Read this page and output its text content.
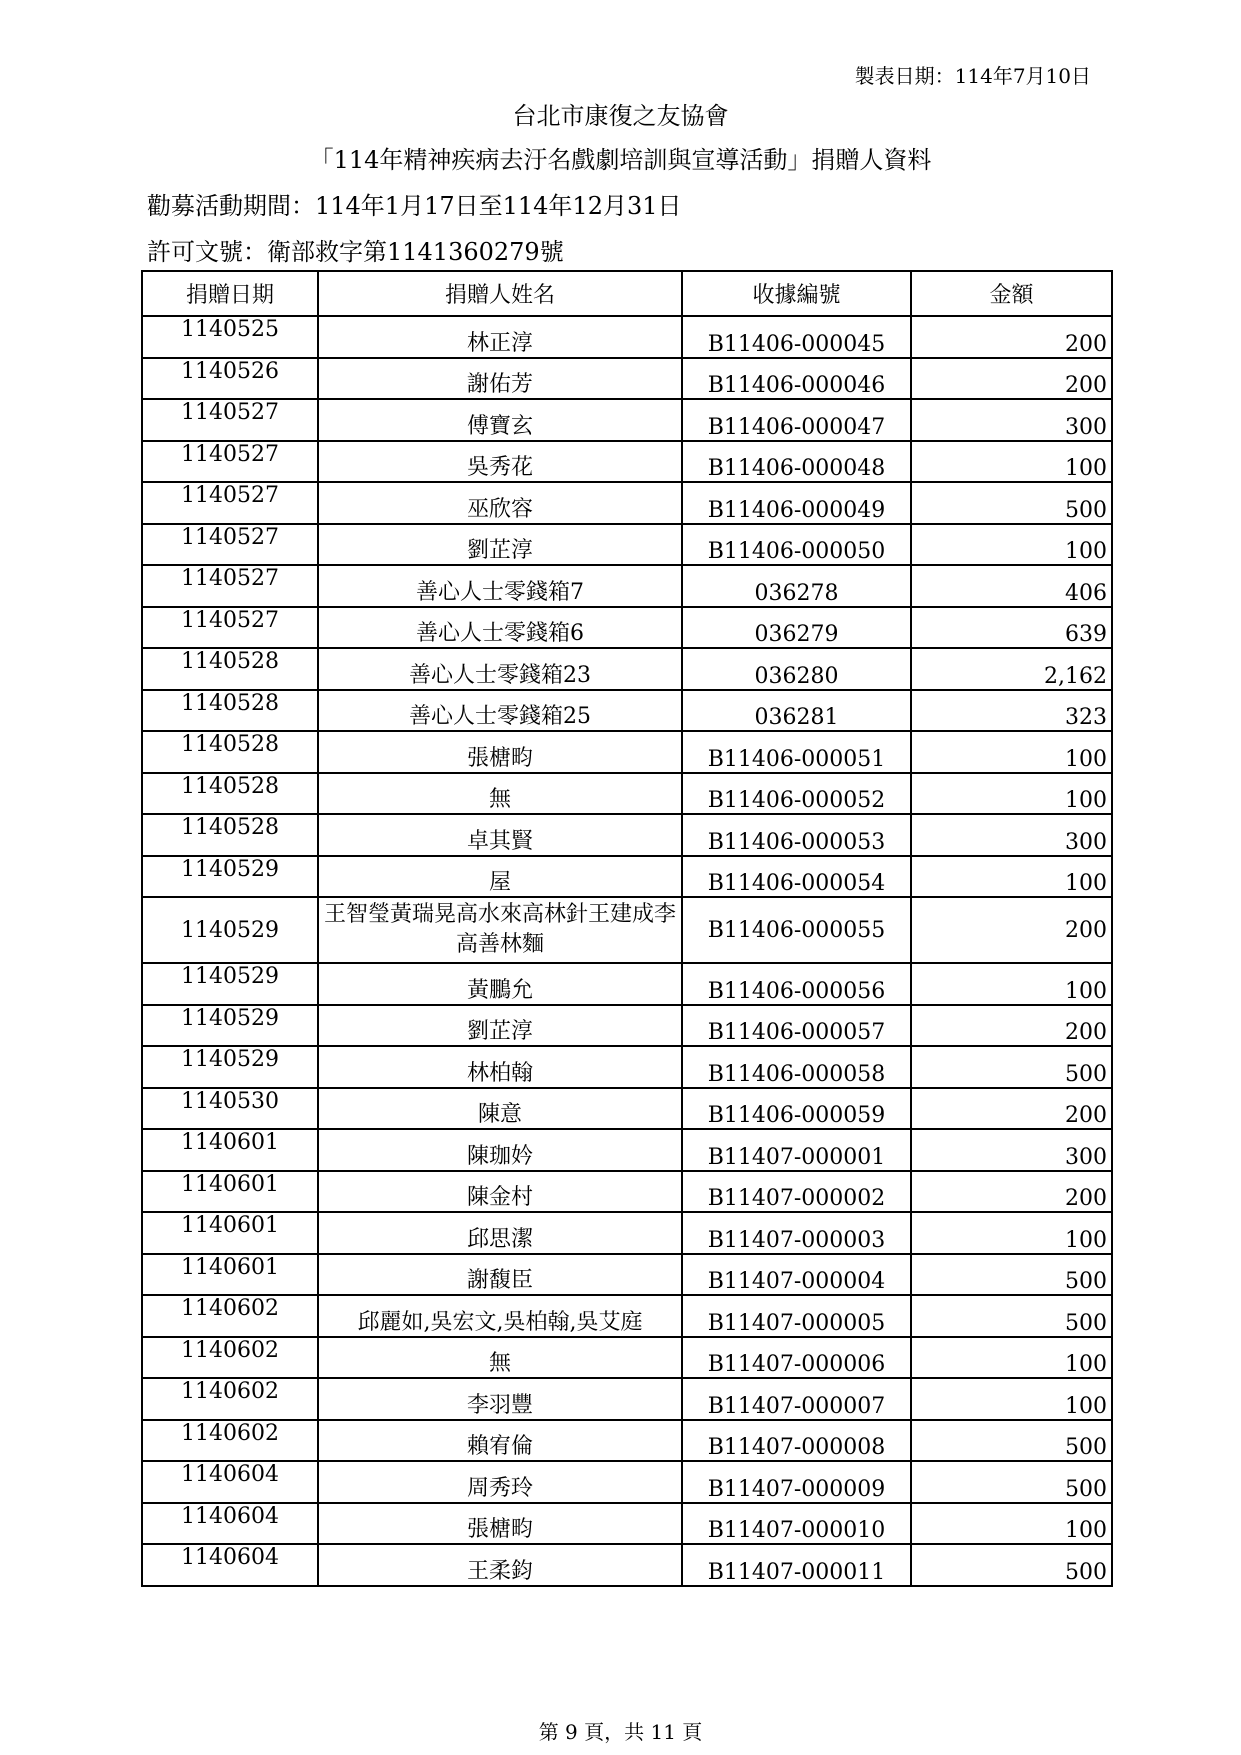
製表日期：114年7月10日
台北市康復之友協會
「114年精神疾病去汙名戲劇培訓與宣導活動」捐贈人資料
勸募活動期間：114年1月17日至114年12月31日
許可文號：衛部救字第1141360279號
捐贈日期	捐贈人姓名	收據編號	金額
1140525	林正淳	B11406-000045	200
1140526	謝佑芳	B11406-000046	200
1140527	傅寶玄	B11406-000047	300
1140527	吳秀花	B11406-000048	100
1140527	巫欣容	B11406-000049	500
1140527	劉芷淳	B11406-000050	100
1140527	善心人士零錢箱7	036278	406
1140527	善心人士零錢箱6	036279	639
1140528	善心人士零錢箱23	036280	2,162
1140528	善心人士零錢箱25	036281	323
1140528	張榶畇	B11406-000051	100
1140528	無	B11406-000052	100
1140528	卓其賢	B11406-000053	300
1140529	屋	B11406-000054	100
1140529	王智瑩黃瑞晃高水來高林針王建成李高善林麵	B11406-000055	200
1140529	黃鵬允	B11406-000056	100
1140529	劉芷淳	B11406-000057	200
1140529	林柏翰	B11406-000058	500
1140530	陳意	B11406-000059	200
1140601	陳珈妗	B11407-000001	300
1140601	陳金村	B11407-000002	200
1140601	邱思潔	B11407-000003	100
1140601	謝馥臣	B11407-000004	500
1140602	邱麗如,吳宏文,吳柏翰,吳艾庭	B11407-000005	500
1140602	無	B11407-000006	100
1140602	李羽豐	B11407-000007	100
1140602	賴宥倫	B11407-000008	500
1140604	周秀玲	B11407-000009	500
1140604	張榶畇	B11407-000010	100
1140604	王柔鈞	B11407-000011	500
第 9 頁，共 11 頁
